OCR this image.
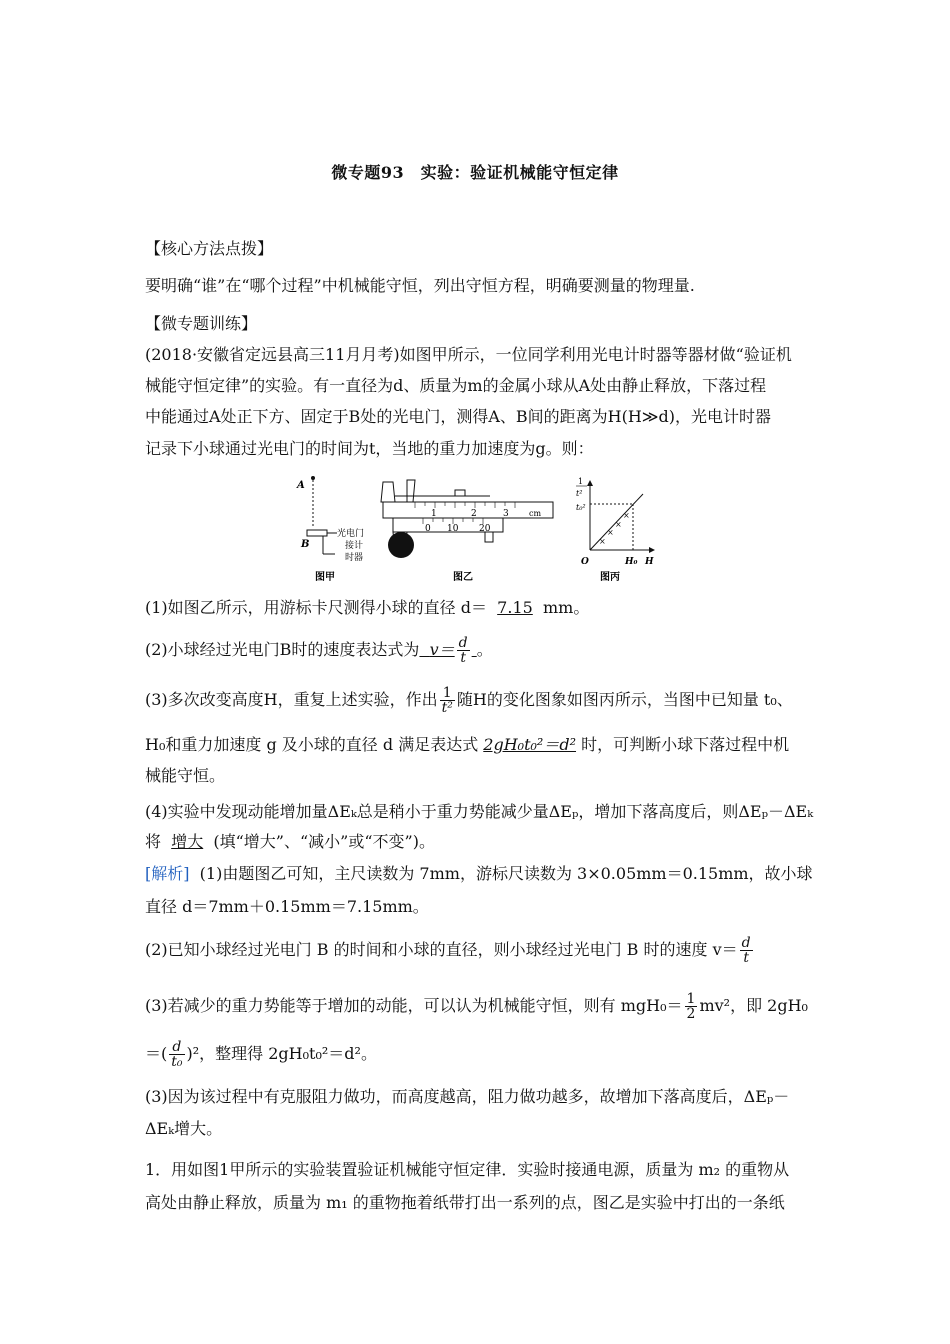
微专题93　实验：验证机械能守恒定律
【核心方法点拨】
要明确“谁”在“哪个过程”中机械能守恒，列出守恒方程，明确要测量的物理量.
【微专题训练】
(2018·安徽省定远县高三11月月考)如图甲所示，一位同学利用光电计时器等器材做“验证机
械能守恒定律”的实验。有一直径为d、质量为m的金属小球从A处由静止释放，下落过程
中能通过A处正下方、固定于B处的光电门，测得A、B间的距离为H(H≫d)，光电计时器
记录下小球通过光电门的时间为t，当地的重力加速度为g。则：
A
B
光电门
接计
时器
图甲
1	2	3	cm
0 10 20
图乙
1
t²
t₀²
×
×
×
×
O	H₀ H
图丙
(1)如图乙所示，用游标卡尺测得小球的直径 d＝ 7.15 mm。
(2)小球经过光电门B时的速度表达式为 $v= \frac{d}{t}$ 。
(3)多次改变高度H，重复上述实验，作出 $\frac{1}{\text{t²}}$ 随H的变化图象如图丙所示，当图中已知量 t₀、
H₀和重力加速度 g 及小球的直径 d 满足表达式 2gH₀t₀²＝d² 时，可判断小球下落过程中机
械能守恒。
(4)实验中发现动能增加量ΔEₖ总是稍小于重力势能减少量ΔEₚ，增加下落高度后，则ΔEₚ－ΔEₖ
将 增大 (填“增大”、“减小”或“不变”)。
[解析] (1)由题图乙可知，主尺读数为 7mm，游标尺读数为 3×0.05mm＝0.15mm，故小球
直径 d＝7mm＋0.15mm＝7.15mm。
(2)已知小球经过光电门 B 的时间和小球的直径，则小球经过光电门 B 时的速度 $v= \frac{d}{t}$
(3)若减少的重力势能等于增加的动能，可以认为机械能守恒，则有 $mgH_0= \frac{1}{2} mv^2$，即 2gH₀
＝( $\frac{d}{\text{t₀}} )^2$，整理得 2gH₀t₀²＝d²。
(3)因为该过程中有克服阻力做功，而高度越高，阻力做功越多，故增加下落高度后，ΔEₚ－
ΔEₖ增大。
1．用如图1甲所示的实验装置验证机械能守恒定律．实验时接通电源，质量为 m₂ 的重物从
高处由静止释放，质量为 m₁ 的重物拖着纸带打出一系列的点，图乙是实验中打出的一条纸
